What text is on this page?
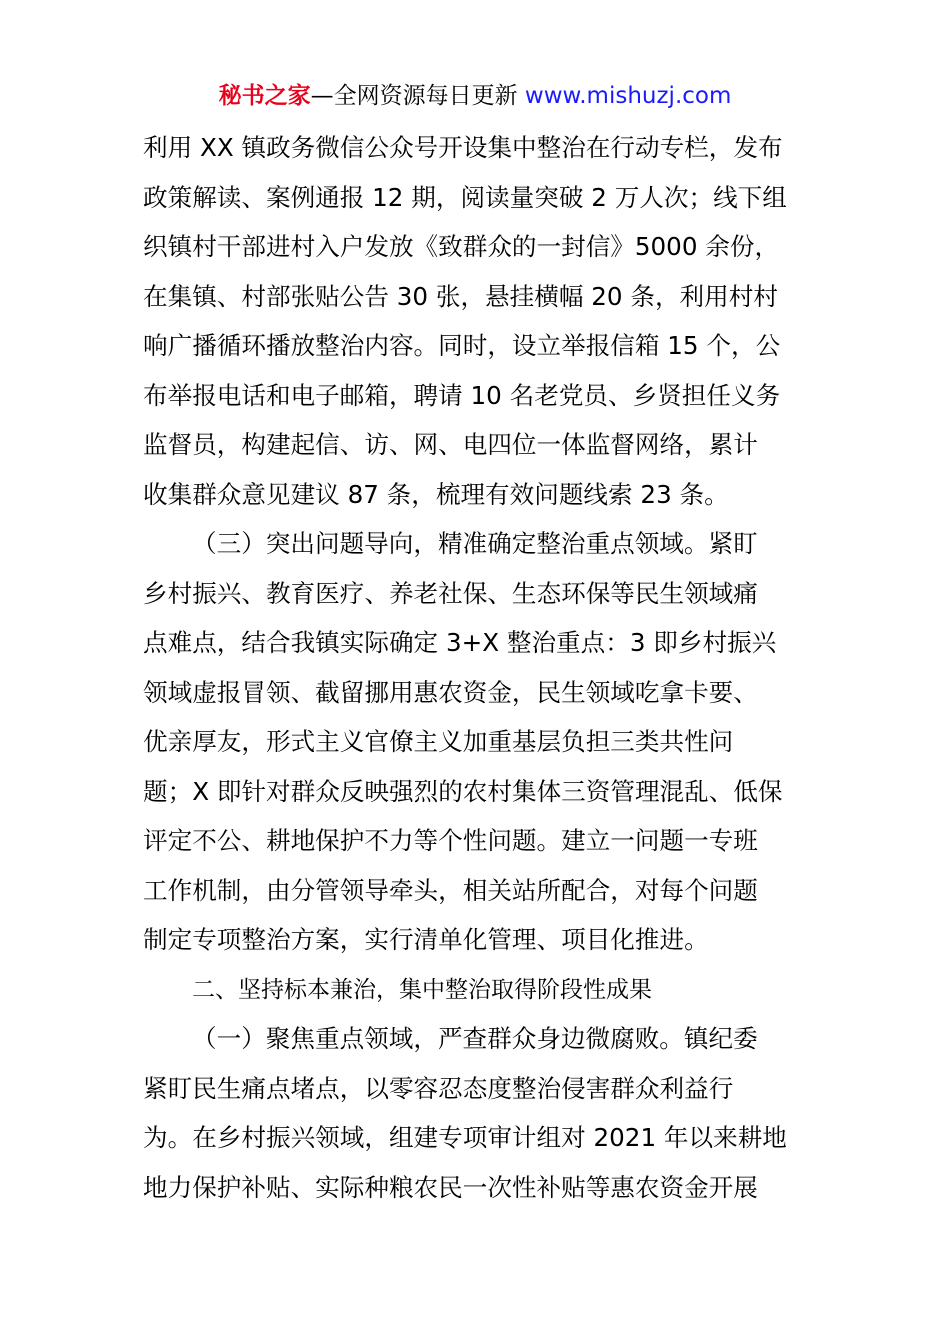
秘书之家—全网资源每日更新 www.mishuzj.com
利用 XX 镇政务微信公众号开设集中整治在行动专栏，发布
政策解读、案例通报 12 期，阅读量突破 2 万人次；线下组
织镇村干部进村入户发放《致群众的一封信》5000 余份，
在集镇、村部张贴公告 30 张，悬挂横幅 20 条，利用村村
响广播循环播放整治内容。同时，设立举报信箱 15 个，公
布举报电话和电子邮箱，聘请 10 名老党员、乡贤担任义务
监督员，构建起信、访、网、电四位一体监督网络，累计
收集群众意见建议 87 条，梳理有效问题线索 23 条。
（三）突出问题导向，精准确定整治重点领域。紧盯
乡村振兴、教育医疗、养老社保、生态环保等民生领域痛
点难点，结合我镇实际确定 3+X 整治重点：3 即乡村振兴
领域虚报冒领、截留挪用惠农资金，民生领域吃拿卡要、
优亲厚友，形式主义官僚主义加重基层负担三类共性问
题；X 即针对群众反映强烈的农村集体三资管理混乱、低保
评定不公、耕地保护不力等个性问题。建立一问题一专班
工作机制，由分管领导牵头，相关站所配合，对每个问题
制定专项整治方案，实行清单化管理、项目化推进。
二、坚持标本兼治，集中整治取得阶段性成果
（一）聚焦重点领域，严查群众身边微腐败。镇纪委
紧盯民生痛点堵点，以零容忍态度整治侵害群众利益行
为。在乡村振兴领域，组建专项审计组对 2021 年以来耕地
地力保护补贴、实际种粮农民一次性补贴等惠农资金开展
